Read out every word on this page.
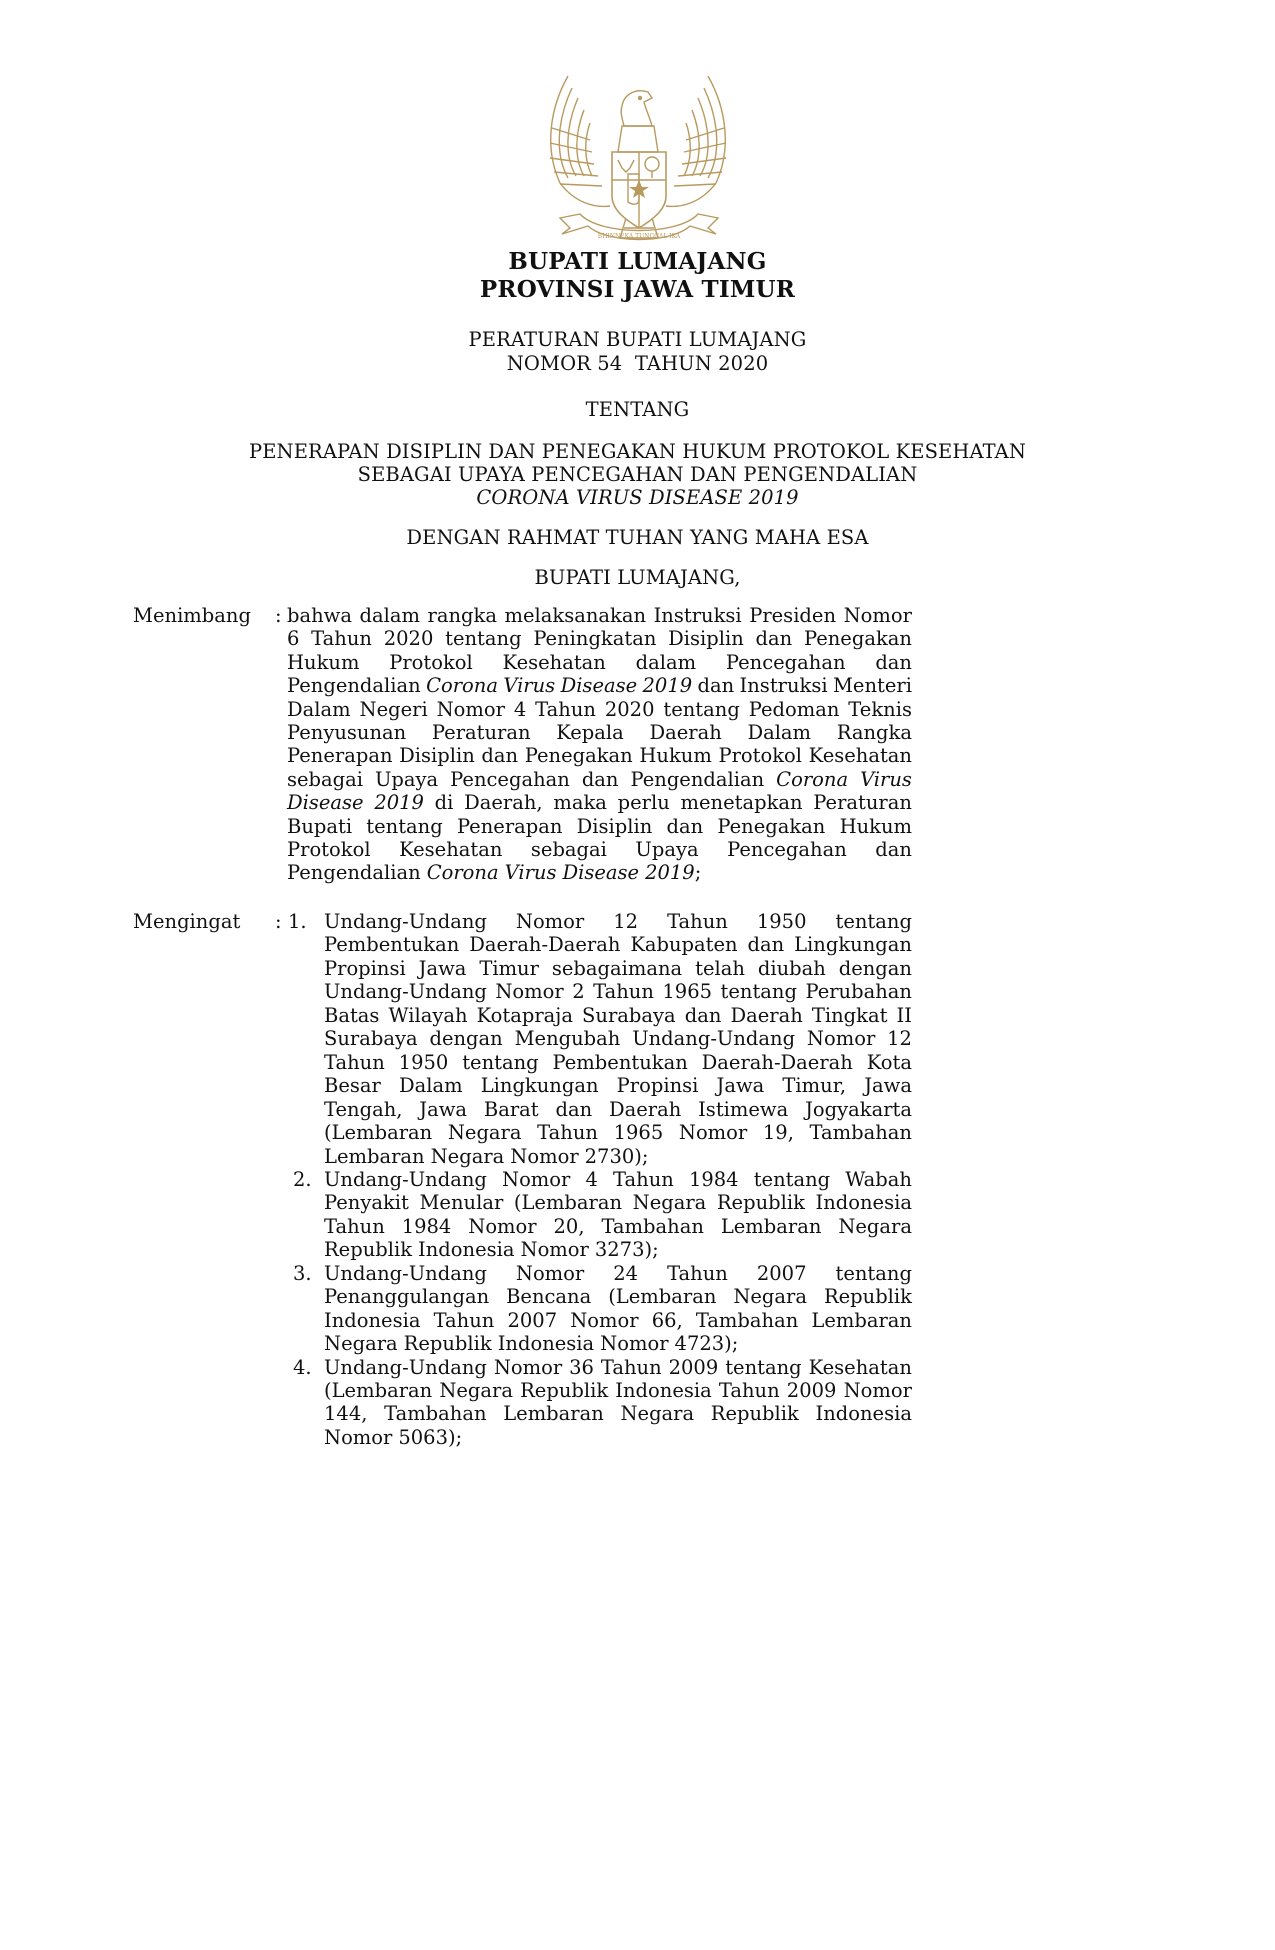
BHINNEKA TUNGGAL IKA
BUPATI LUMAJANG
PROVINSI JAWA TIMUR
PERATURAN BUPATI LUMAJANG
NOMOR 54  TAHUN 2020
TENTANG
PENERAPAN DISIPLIN DAN PENEGAKAN HUKUM PROTOKOL KESEHATAN
SEBAGAI UPAYA PENCEGAHAN DAN PENGENDALIAN
CORONA VIRUS DISEASE 2019
DENGAN RAHMAT TUHAN YANG MAHA ESA
BUPATI LUMAJANG,
Menimbang : bahwa dalam rangka melaksanakan Instruksi Presiden Nomor
6 Tahun 2020 tentang Peningkatan Disiplin dan Penegakan
Hukum Protokol Kesehatan dalam Pencegahan dan
Pengendalian Corona Virus Disease 2019 dan Instruksi Menteri
Dalam Negeri Nomor 4 Tahun 2020 tentang Pedoman Teknis
Penyusunan Peraturan Kepala Daerah Dalam Rangka
Penerapan Disiplin dan Penegakan Hukum Protokol Kesehatan
sebagai Upaya Pencegahan dan Pengendalian Corona Virus
Disease 2019 di Daerah, maka perlu menetapkan Peraturan
Bupati tentang Penerapan Disiplin dan Penegakan Hukum
Protokol Kesehatan sebagai Upaya Pencegahan dan
Pengendalian Corona Virus Disease 2019;
Mengingat : 1. Undang-Undang Nomor 12 Tahun 1950 tentang
Pembentukan Daerah-Daerah Kabupaten dan Lingkungan
Propinsi Jawa Timur sebagaimana telah diubah dengan
Undang-Undang Nomor 2 Tahun 1965 tentang Perubahan
Batas Wilayah Kotapraja Surabaya dan Daerah Tingkat II
Surabaya dengan Mengubah Undang-Undang Nomor 12
Tahun 1950 tentang Pembentukan Daerah-Daerah Kota
Besar Dalam Lingkungan Propinsi Jawa Timur, Jawa
Tengah, Jawa Barat dan Daerah Istimewa Jogyakarta
(Lembaran Negara Tahun 1965 Nomor 19, Tambahan
Lembaran Negara Nomor 2730);
2. Undang-Undang Nomor 4 Tahun 1984 tentang Wabah
Penyakit Menular (Lembaran Negara Republik Indonesia
Tahun 1984 Nomor 20, Tambahan Lembaran Negara
Republik Indonesia Nomor 3273);
3. Undang-Undang Nomor 24 Tahun 2007 tentang
Penanggulangan Bencana (Lembaran Negara Republik
Indonesia Tahun 2007 Nomor 66, Tambahan Lembaran
Negara Republik Indonesia Nomor 4723);
4. Undang-Undang Nomor 36 Tahun 2009 tentang Kesehatan
(Lembaran Negara Republik Indonesia Tahun 2009 Nomor
144, Tambahan Lembaran Negara Republik Indonesia
Nomor 5063);
